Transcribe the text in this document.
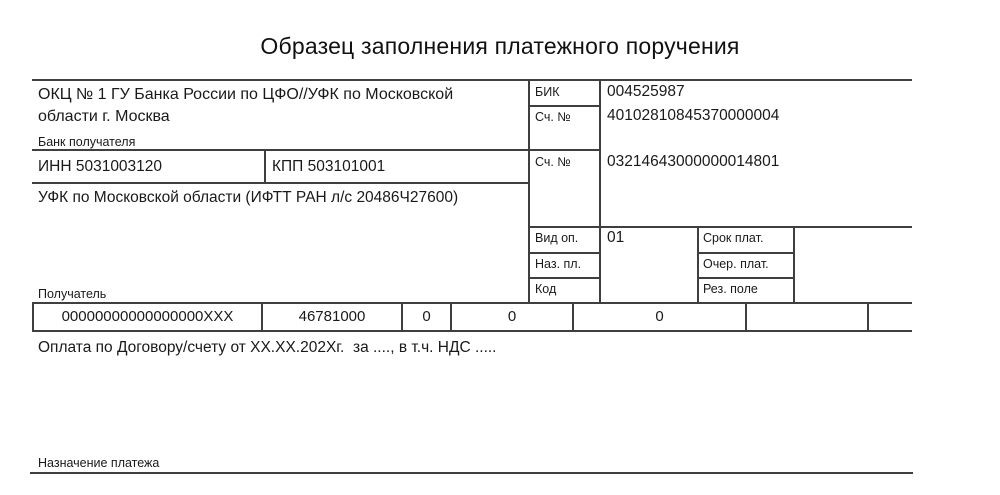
Образец заполнения платежного поручения
ОКЦ № 1 ГУ Банка России по ЦФО//УФК по Московской области г. Москва
Банк получателя
ИНН 5031003120	КПП 503101001
УФК по Московской области (ИФТТ РАН л/с 20486Ч27600)
Получатель
БИК	004525987
Сч. № 40102810845370000004
Сч. № 03214643000000014801
Вид оп. 01
Наз. пл.
Код
Срок плат.
Очер. плат.
Рез. поле
00000000000000000ХХХ	46781000	0	0	0
Оплата по Договору/счету от ХХ.ХХ.202Хг.  за ...., в т.ч. НДС .....
Назначение платежа
